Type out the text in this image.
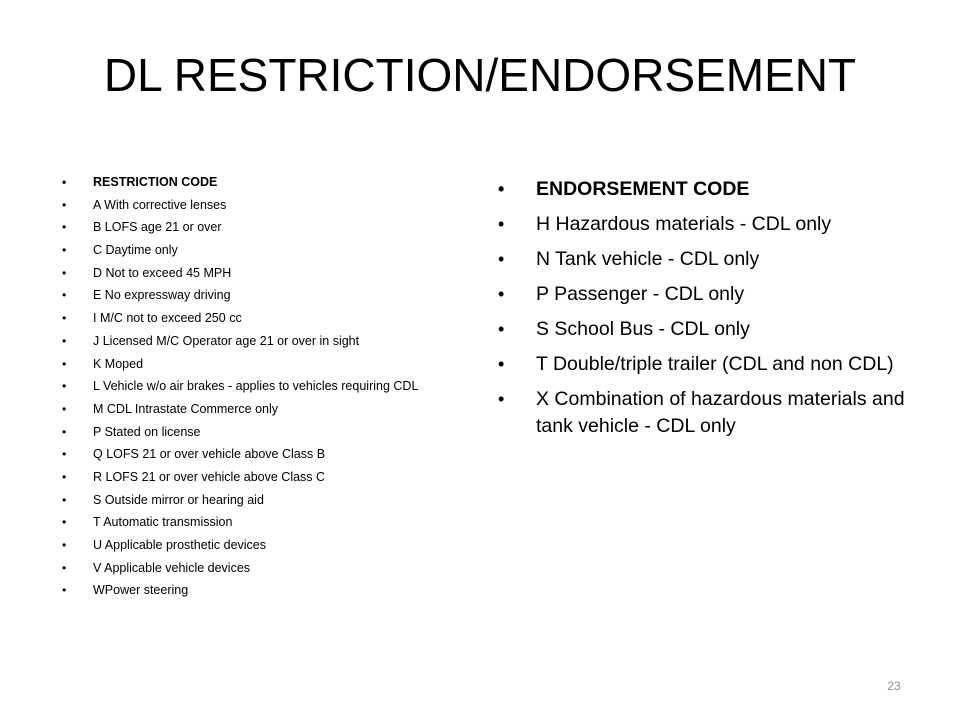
DL RESTRICTION/ENDORSEMENT
• RESTRICTION CODE
• A With corrective lenses
• B LOFS age 21 or over
• C Daytime only
• D Not to exceed 45 MPH
• E No expressway driving
• I M/C not to exceed 250 cc
• J Licensed M/C Operator age 21 or over in sight
• K Moped
• L Vehicle w/o air brakes - applies to vehicles requiring CDL
• M CDL Intrastate Commerce only
• P Stated on license
• Q LOFS 21 or over vehicle above Class B
• R LOFS 21 or over vehicle above Class C
• S Outside mirror or hearing aid
• T Automatic transmission
• U Applicable prosthetic devices
• V Applicable vehicle devices
• WPower steering
• ENDORSEMENT CODE
• H Hazardous materials - CDL only
• N Tank vehicle - CDL only
• P Passenger - CDL only
• S School Bus - CDL only
• T Double/triple trailer (CDL and non CDL)
• X Combination of hazardous materials and tank vehicle - CDL only
23
